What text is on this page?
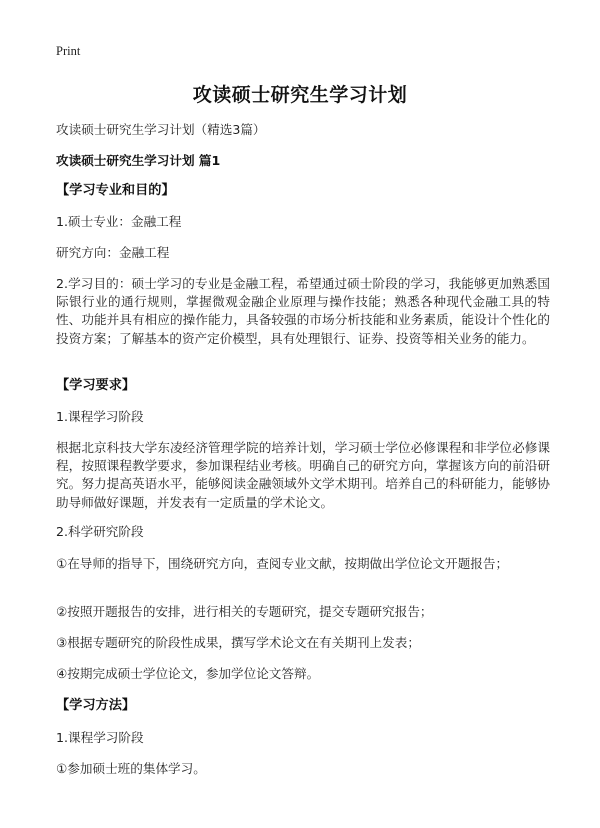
Print
攻读硕士研究生学习计划
攻读硕士研究生学习计划（精选3篇）
攻读硕士研究生学习计划 篇1
【学习专业和目的】
1.硕士专业：金融工程
研究方向：金融工程
2.学习目的：硕士学习的专业是金融工程，希望通过硕士阶段的学习，我能够更加熟悉国际银行业的通行规则，掌握微观金融企业原理与操作技能；熟悉各种现代金融工具的特性、功能并具有相应的操作能力，具备较强的市场分析技能和业务素质，能设计个性化的投资方案；了解基本的资产定价模型，具有处理银行、证券、投资等相关业务的能力。
【学习要求】
1.课程学习阶段
根据北京科技大学东凌经济管理学院的培养计划，学习硕士学位必修课程和非学位必修课程，按照课程教学要求，参加课程结业考核。明确自己的研究方向，掌握该方向的前沿研究。努力提高英语水平，能够阅读金融领域外文学术期刊。培养自己的科研能力，能够协助导师做好课题，并发表有一定质量的学术论文。
2.科学研究阶段
①在导师的指导下，围绕研究方向，查阅专业文献，按期做出学位论文开题报告；
②按照开题报告的安排，进行相关的专题研究，提交专题研究报告；
③根据专题研究的阶段性成果，撰写学术论文在有关期刊上发表；
④按期完成硕士学位论文，参加学位论文答辩。
【学习方法】
1.课程学习阶段
①参加硕士班的集体学习。
